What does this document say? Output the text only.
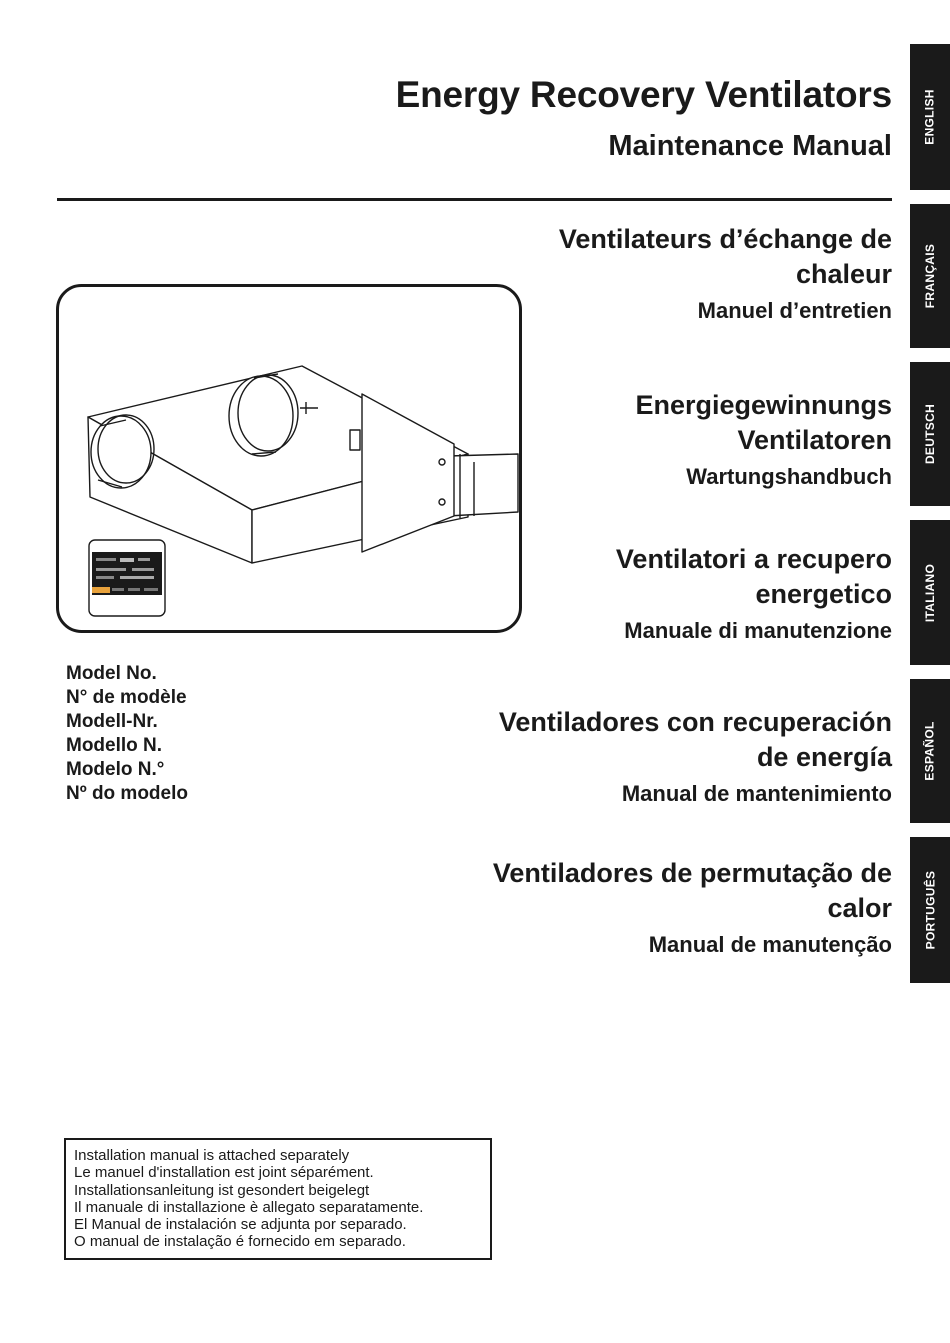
Energy Recovery Ventilators
Maintenance Manual
Ventilateurs d’échange de
chaleur
Manuel d’entretien
Energiegewinnungs
Ventilatoren
Wartungshandbuch
Ventilatori a recupero
energetico
Manuale di manutenzione
Ventiladores con recuperación
de energía
Manual de mantenimiento
Ventiladores de permutação de
calor
Manual de manutenção
ENGLISH
FRANÇAIS
DEUTSCH
ITALIANO
ESPAÑOL
PORTUGUÊS
Model No.
N° de modèle
Modell-Nr.
Modello N.
Modelo N.°
Nº do modelo
Installation manual is attached separately
Le manuel d'installation est joint séparément.
Installationsanleitung ist gesondert beigelegt
Il manuale di installazione è allegato separatamente.
El Manual de instalación se adjunta por separado.
O manual de instalação é fornecido em separado.
